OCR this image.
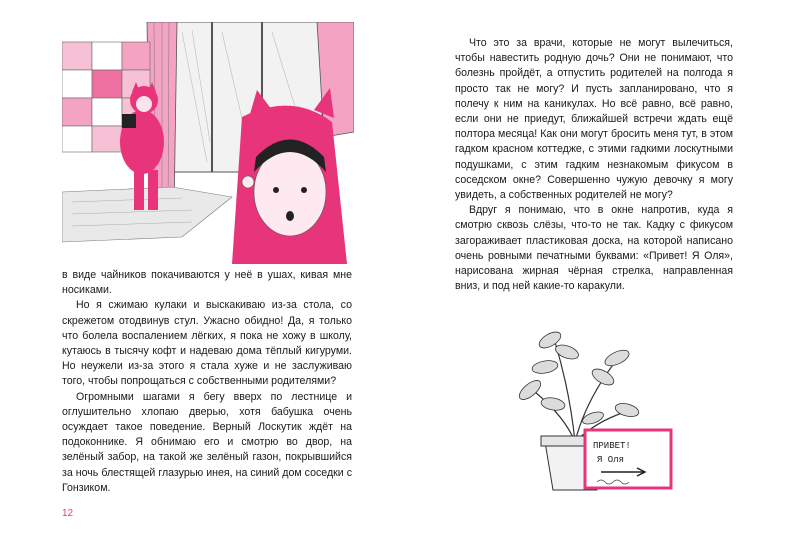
в виде чайников покачиваются у неё в ушах, кивая мне носиками.

Но я сжимаю кулаки и выскакиваю из-за стола, со скрежетом отодвинув стул. Ужасно обидно! Да, я только что болела воспалением лёгких, я пока не хожу в школу, кутаюсь в тысячу кофт и надеваю дома тёплый кигуруми. Но неужели из-за этого я стала хуже и не заслуживаю того, чтобы попрощаться с собственными родителями?

Огромными шагами я бегу вверх по лестнице и оглушительно хлопаю дверью, хотя бабушка очень осуждает такое поведение. Верный Лоскутик ждёт на подоконнике. Я обнимаю его и смотрю во двор, на зелёный забор, на такой же зелёный газон, покрывшийся за ночь блестящей глазурью инея, на синий дом соседки с Гонзиком.

12

Что это за врачи, которые не могут вылечиться, чтобы навестить родную дочь? Они не понимают, что болезнь пройдёт, а отпустить родителей на полгода я просто так не могу? И пусть запланировано, что я полечу к ним на каникулах. Но всё равно, всё равно, если они не приедут, ближайшей встречи ждать ещё полтора месяца! Как они могут бросить меня тут, в этом гадком красном коттедже, с этими гадкими лоскутными подушками, с этим гадким незнакомым фикусом в соседском окне? Совершенно чужую девочку я могу увидеть, а собственных родителей не могу?

Вдруг я понимаю, что в окне напротив, куда я смотрю сквозь слёзы, что-то не так. Кадку с фикусом загораживает пластиковая доска, на которой написано очень ровными печатными буквами: «Привет! Я Оля», нарисована жирная чёрная стрелка, направленная вниз, и под ней какие-то каракули.

ПРИВЕТ!
Я Оля
